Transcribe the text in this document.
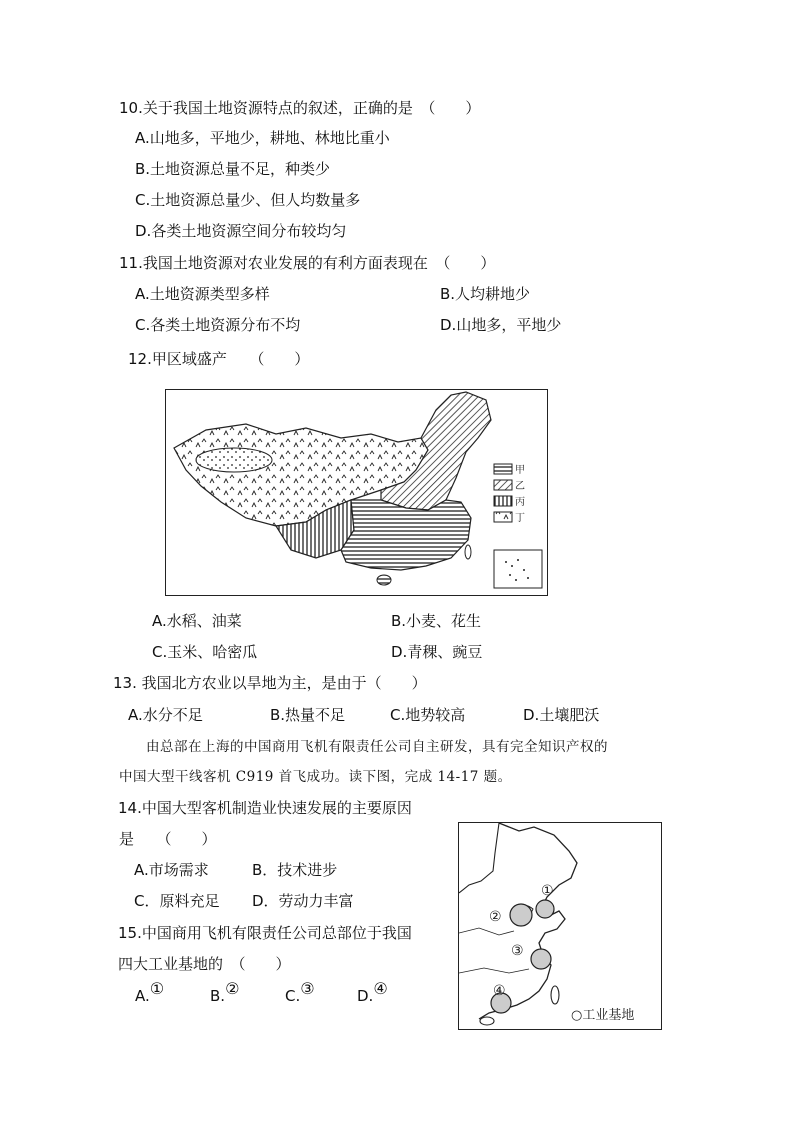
10.关于我国土地资源特点的叙述，正确的是　（　　）
A.山地多，平地少，耕地、林地比重小
B.土地资源总量不足，种类少
C.土地资源总量少、但人均数量多
D.各类土地资源空间分布较均匀
11.我国土地资源对农业发展的有利方面表现在　（　　）
A.土地资源类型多样	B.人均耕地少
C.各类土地资源分布不均	D.山地多，平地少
12.甲区域盛产　　（　　）
甲
乙
丙
丁
A.水稻、油菜	B.小麦、花生
C.玉米、哈密瓜	D.青稞、豌豆
13. 我国北方农业以旱地为主，是由于（　　）
A.水分不足	B.热量不足	C.地势较高	D.土壤肥沃
由总部在上海的中国商用飞机有限责任公司自主研发，具有完全知识产权的
中国大型干线客机 C919 首飞成功。读下图，完成 14-17 题。
14.中国大型客机制造业快速发展的主要原因
是　　（　　）
A.市场需求	B．技术进步
C．原料充足 D．劳动力丰富
15.中国商用飞机有限责任公司总部位于我国
四大工业基地的　（　　）
A.①	B.②	C.③	D.④
①
②
③
④
○工业基地
